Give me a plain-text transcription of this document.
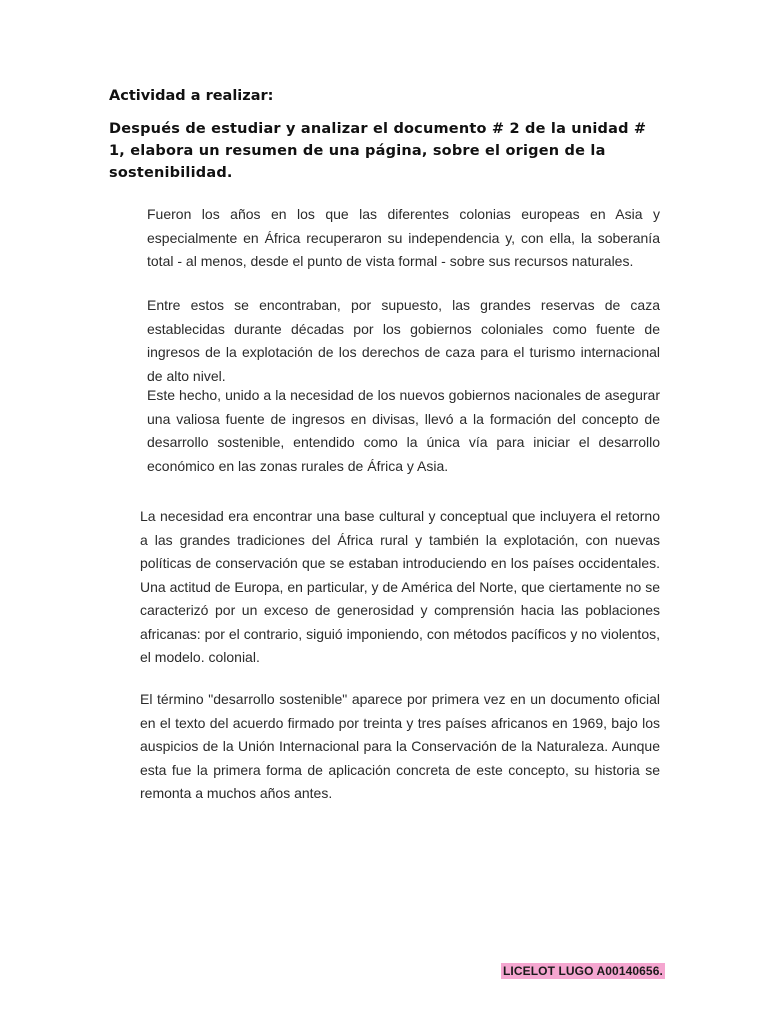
Actividad a realizar:

Después de estudiar y analizar el documento # 2 de la unidad # 1, elabora un resumen de una página, sobre el origen de la sostenibilidad.

Fueron los años en los que las diferentes colonias europeas en Asia y especialmente en África recuperaron su independencia y, con ella, la soberanía total - al menos, desde el punto de vista formal - sobre sus recursos naturales.

Entre estos se encontraban, por supuesto, las grandes reservas de caza establecidas durante décadas por los gobiernos coloniales como fuente de ingresos de la explotación de los derechos de caza para el turismo internacional de alto nivel.

Este hecho, unido a la necesidad de los nuevos gobiernos nacionales de asegurar una valiosa fuente de ingresos en divisas, llevó a la formación del concepto de desarrollo sostenible, entendido como la única vía para iniciar el desarrollo económico en las zonas rurales de África y Asia.

La necesidad era encontrar una base cultural y conceptual que incluyera el retorno a las grandes tradiciones del África rural y también la explotación, con nuevas políticas de conservación que se estaban introduciendo en los países occidentales. Una actitud de Europa, en particular, y de América del Norte, que ciertamente no se caracterizó por un exceso de generosidad y comprensión hacia las poblaciones africanas: por el contrario, siguió imponiendo, con métodos pacíficos y no violentos, el modelo. colonial.

El término "desarrollo sostenible" aparece por primera vez en un documento oficial en el texto del acuerdo firmado por treinta y tres países africanos en 1969, bajo los auspicios de la Unión Internacional para la Conservación de la Naturaleza. Aunque esta fue la primera forma de aplicación concreta de este concepto, su historia se remonta a muchos años antes.

LICELOT LUGO A00140656.
